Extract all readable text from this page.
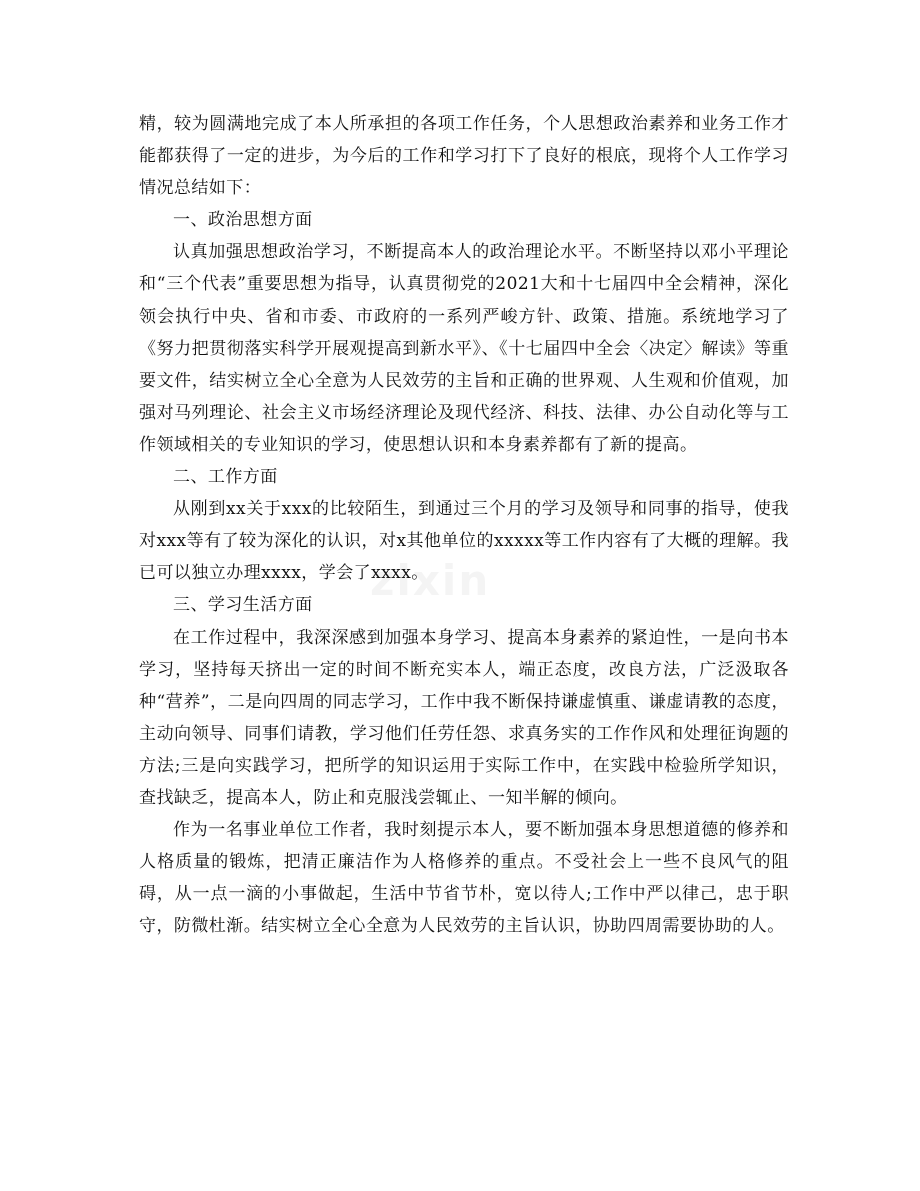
精，较为圆满地完成了本人所承担的各项工作任务，个人思想政治素养和业务工作才能都获得了一定的进步，为今后的工作和学习打下了良好的根底，现将个人工作学习情况总结如下：

一、政治思想方面

认真加强思想政治学习，不断提高本人的政治理论水平。不断坚持以邓小平理论和“三个代表”重要思想为指导，认真贯彻党的2021大和十七届四中全会精神，深化领会执行中央、省和市委、市政府的一系列严峻方针、政策、措施。系统地学习了《努力把贯彻落实科学开展观提高到新水平》、《十七届四中全会〈决定〉解读》等重要文件，结实树立全心全意为人民效劳的主旨和正确的世界观、人生观和价值观，加强对马列理论、社会主义市场经济理论及现代经济、科技、法律、办公自动化等与工作领域相关的专业知识的学习，使思想认识和本身素养都有了新的提高。

二、工作方面

从刚到xx关于xxx的比较陌生，到通过三个月的学习及领导和同事的指导，使我对xxx等有了较为深化的认识，对x其他单位的xxxxx等工作内容有了大概的理解。我已可以独立办理xxxx，学会了xxxx。

三、学习生活方面

在工作过程中，我深深感到加强本身学习、提高本身素养的紧迫性，一是向书本学习，坚持每天挤出一定的时间不断充实本人，端正态度，改良方法，广泛汲取各种“营养”，二是向四周的同志学习，工作中我不断保持谦虚慎重、谦虚请教的态度，主动向领导、同事们请教，学习他们任劳任怨、求真务实的工作作风和处理征询题的方法;三是向实践学习，把所学的知识运用于实际工作中，在实践中检验所学知识，查找缺乏，提高本人，防止和克服浅尝辄止、一知半解的倾向。

作为一名事业单位工作者，我时刻提示本人，要不断加强本身思想道德的修养和人格质量的锻炼，把清正廉洁作为人格修养的重点。不受社会上一些不良风气的阻碍，从一点一滴的小事做起，生活中节省节朴，宽以待人;工作中严以律己，忠于职守，防微杜渐。结实树立全心全意为人民效劳的主旨认识，协助四周需要协助的人。
